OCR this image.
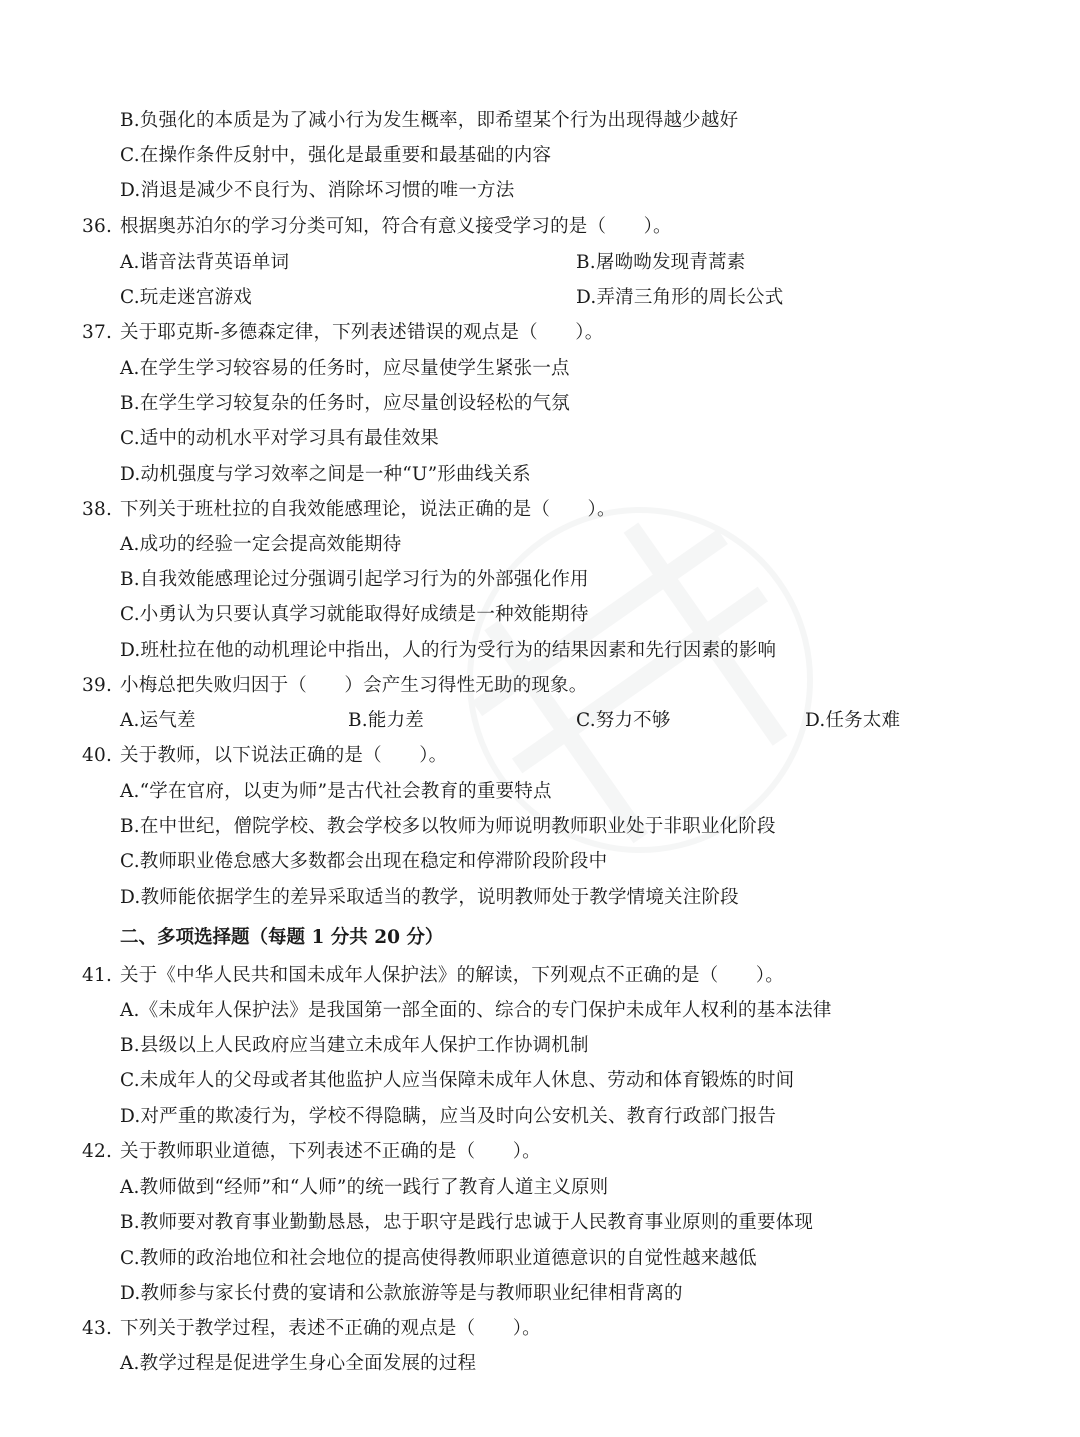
B.负强化的本质是为了减小行为发生概率，即希望某个行为出现得越少越好
C.在操作条件反射中，强化是最重要和最基础的内容
D.消退是减少不良行为、消除坏习惯的唯一方法
36. 根据奥苏泊尔的学习分类可知，符合有意义接受学习的是（　　）。
A.谐音法背英语单词	B.屠呦呦发现青蒿素
C.玩走迷宫游戏	D.弄清三角形的周长公式
37. 关于耶克斯-多德森定律，下列表述错误的观点是（　　）。
A.在学生学习较容易的任务时，应尽量使学生紧张一点
B.在学生学习较复杂的任务时，应尽量创设轻松的气氛
C.适中的动机水平对学习具有最佳效果
D.动机强度与学习效率之间是一种“U”形曲线关系
38. 下列关于班杜拉的自我效能感理论，说法正确的是（　　）。
A.成功的经验一定会提高效能期待
B.自我效能感理论过分强调引起学习行为的外部强化作用
C.小勇认为只要认真学习就能取得好成绩是一种效能期待
D.班杜拉在他的动机理论中指出，人的行为受行为的结果因素和先行因素的影响
39. 小梅总把失败归因于（　　）会产生习得性无助的现象。
A.运气差	B.能力差	C.努力不够	D.任务太难
40. 关于教师，以下说法正确的是（　　）。
A.“学在官府，以吏为师”是古代社会教育的重要特点
B.在中世纪，僧院学校、教会学校多以牧师为师说明教师职业处于非职业化阶段
C.教师职业倦怠感大多数都会出现在稳定和停滞阶段阶段中
D.教师能依据学生的差异采取适当的教学，说明教师处于教学情境关注阶段
二、多项选择题（每题 1 分共 20 分）
41. 关于《中华人民共和国未成年人保护法》的解读，下列观点不正确的是（　　）。
A.《未成年人保护法》是我国第一部全面的、综合的专门保护未成年人权利的基本法律
B.县级以上人民政府应当建立未成年人保护工作协调机制
C.未成年人的父母或者其他监护人应当保障未成年人休息、劳动和体育锻炼的时间
D.对严重的欺凌行为，学校不得隐瞒，应当及时向公安机关、教育行政部门报告
42. 关于教师职业道德，下列表述不正确的是（　　）。
A.教师做到“经师”和“人师”的统一践行了教育人道主义原则
B.教师要对教育事业勤勤恳恳，忠于职守是践行忠诚于人民教育事业原则的重要体现
C.教师的政治地位和社会地位的提高使得教师职业道德意识的自觉性越来越低
D.教师参与家长付费的宴请和公款旅游等是与教师职业纪律相背离的
43. 下列关于教学过程，表述不正确的观点是（　　）。
A.教学过程是促进学生身心全面发展的过程
